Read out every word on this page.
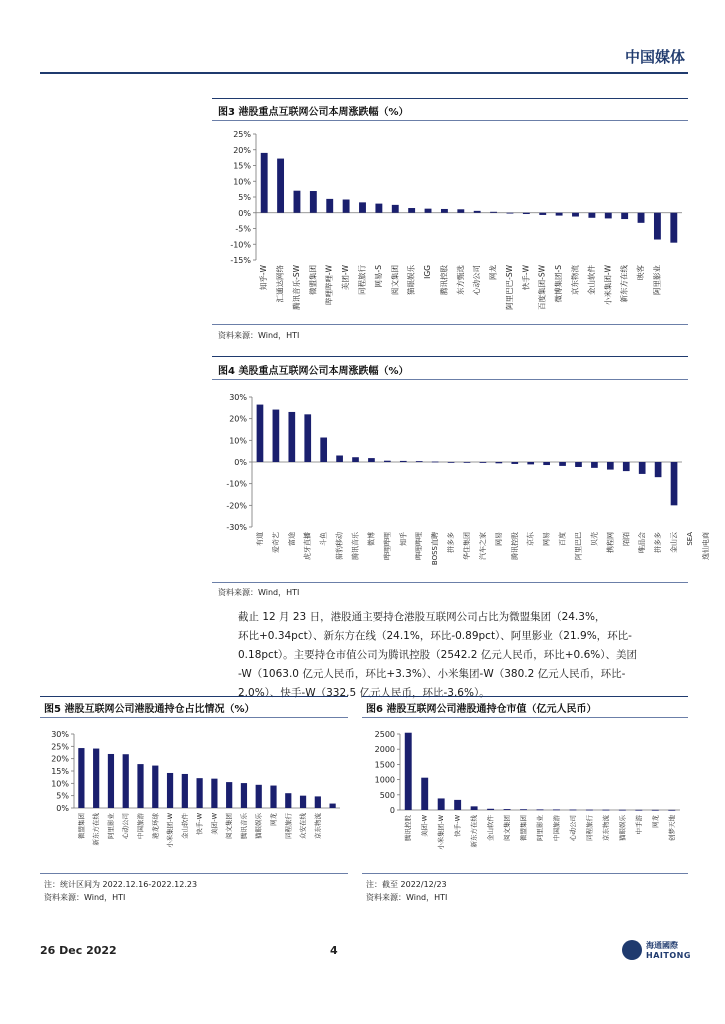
中国媒体
图3 港股重点互联网公司本周涨跌幅（%）
-15%
-10%
-5%
0%
5%
10%
15%
20%
25%
知乎-W 汇通达网络 腾讯音乐-SW 微盟集团 哔哩哔哩-W 美团-W 同程旅行 网易-S 阅文集团 猫眼娱乐 IGG 腾讯控股 东方甄选 心动公司 网龙 阿里巴巴-SW 快手-W 百度集团-SW 微博集团-S 京东物流 金山软件 小米集团-W 新东方在线 映客 阿里影业
资料来源：Wind，HTI
图4 美股重点互联网公司本周涨跌幅（%）
-30%
-20%
-10%
0%
10%
20%
30%
有道 爱奇艺 富途 虎牙直播 斗鱼 猎豹移动 腾讯音乐 微博 哔哩哔哩 知乎 哔哩哔哩 BOSS直聘 拼多多 华住集团 汽车之家 网易 腾讯控股 京东 网易 百度 阿里巴巴 贝壳 携程网 陌陌 唯品会 拼多多 金山云 SEA 逸仙电商
资料来源：Wind，HTI
截止 12 月 23 日，港股通主要持仓港股互联网公司占比为微盟集团（24.3%，
环比+0.34pct）、新东方在线（24.1%，环比-0.89pct）、阿里影业（21.9%，环比-
0.18pct）。主要持仓市值公司为腾讯控股（2542.2 亿元人民币，环比+0.6%）、美团
-W（1063.0 亿元人民币，环比+3.3%）、小米集团-W（380.2 亿元人民币，环比-
2.0%）、快手-W（332.5 亿元人民币，环比-3.6%）。
图5 港股互联网公司港股通持仓占比情况（%）
0%
5%
10%
15%
20%
25%
30%
微盟集团 新东方在线 阿里影业 心动公司 中国旅游 港龙环球 小米集团-W 金山软件 快手-W 美团-W 阅文集团 腾讯音乐 猫眼娱乐 网龙 同程旅行 众安在线 京东物流
注：统计区间为 2022.12.16-2022.12.23
资料来源：Wind，HTI
图6 港股互联网公司港股通持仓市值（亿元人民币）
0
500
1000
1500
2000
2500
腾讯控股 美团-W 小米集团-W 快手-W 新东方在线 金山软件 阅文集团 微盟集团 阿里影业 中国旅游 心动公司 同程旅行 京东物流 猫眼娱乐 中手游 网龙 创梦天地
注：截至 2022/12/23
资料来源：Wind，HTI
26 Dec 2022	4	海通國際
HAITONG
